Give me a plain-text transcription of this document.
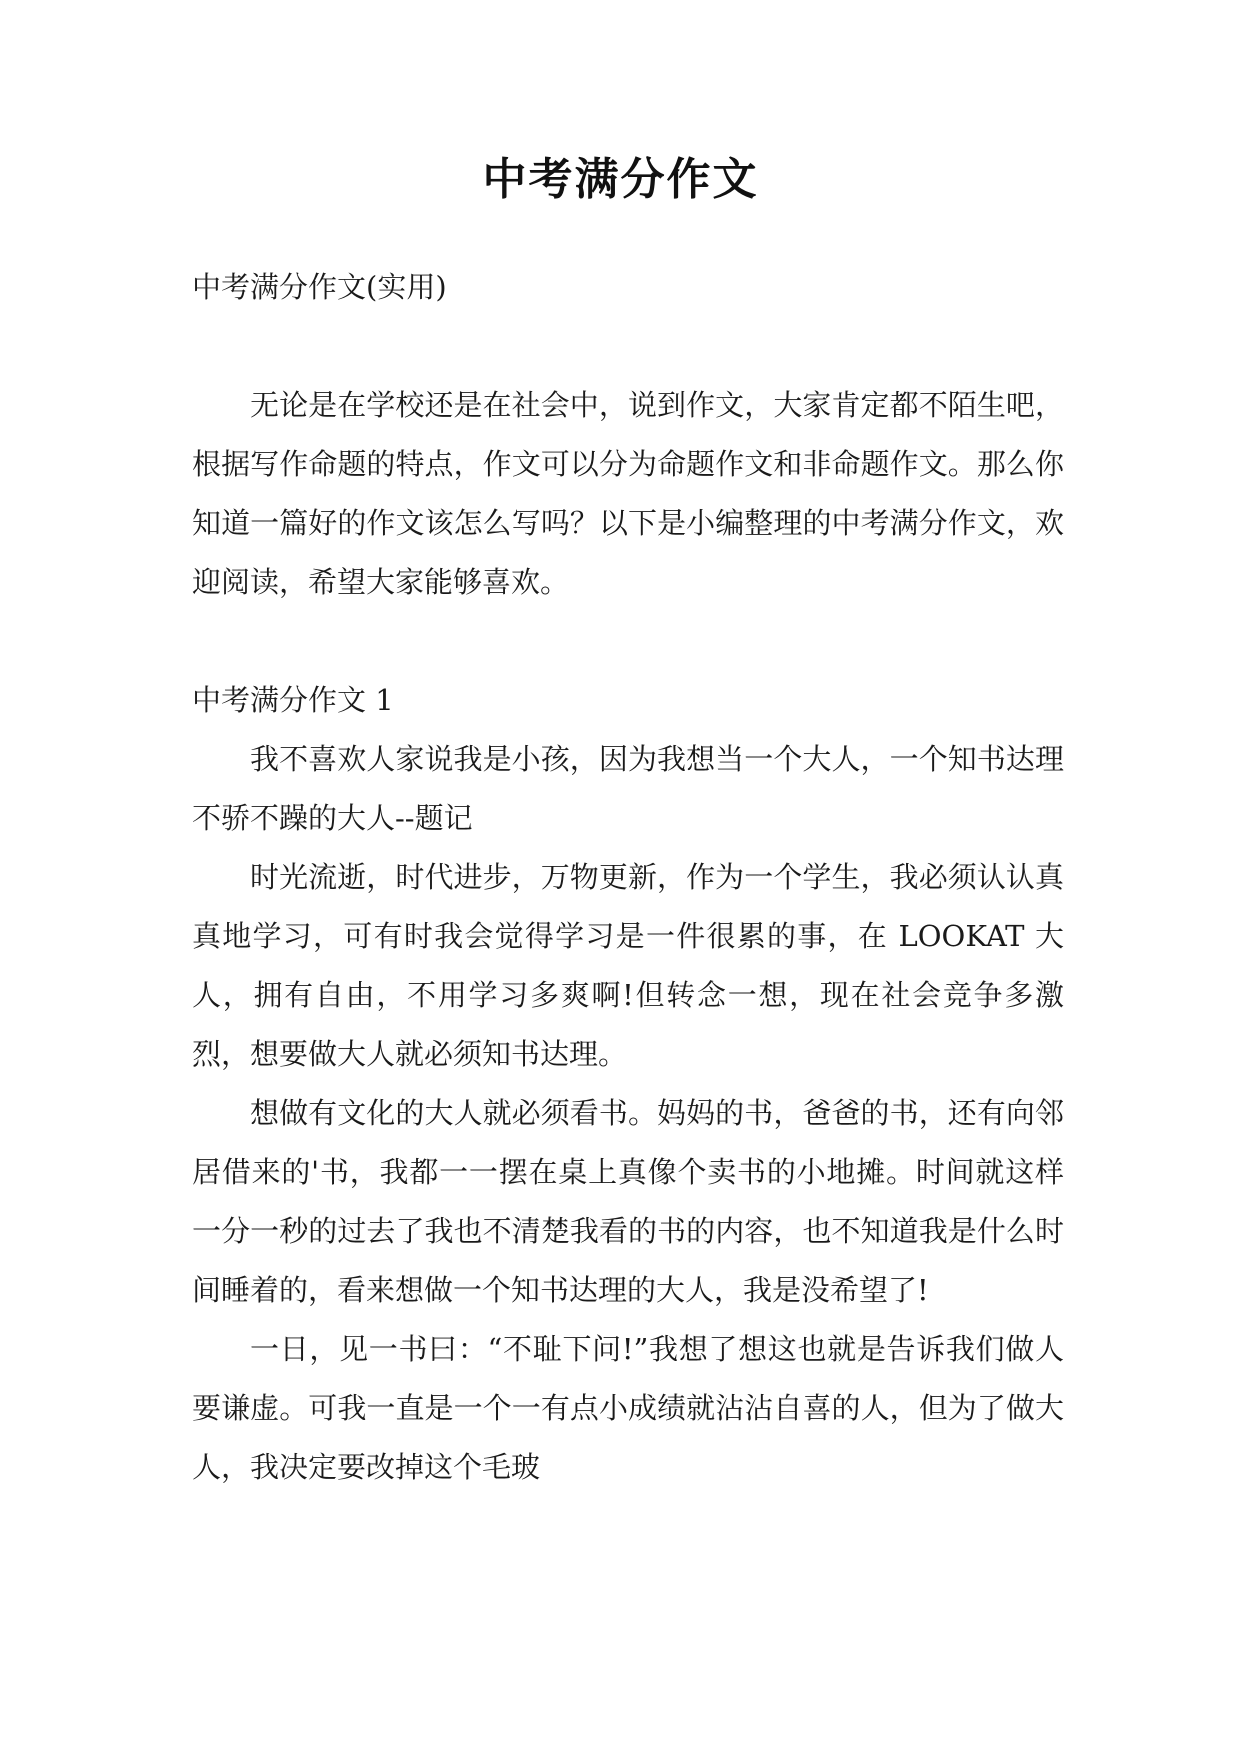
中考满分作文

中考满分作文(实用)

无论是在学校还是在社会中，说到作文，大家肯定都不陌生吧，根据写作命题的特点，作文可以分为命题作文和非命题作文。那么你知道一篇好的作文该怎么写吗？以下是小编整理的中考满分作文，欢迎阅读，希望大家能够喜欢。

中考满分作文 1

我不喜欢人家说我是小孩，因为我想当一个大人，一个知书达理不骄不躁的大人--题记

时光流逝，时代进步，万物更新，作为一个学生，我必须认认真真地学习，可有时我会觉得学习是一件很累的事，在 LOOKAT 大人，拥有自由，不用学习多爽啊!但转念一想，现在社会竞争多激烈，想要做大人就必须知书达理。

想做有文化的大人就必须看书。妈妈的书，爸爸的书，还有向邻居借来的'书，我都一一摆在桌上真像个卖书的小地摊。时间就这样一分一秒的过去了我也不清楚我看的书的内容，也不知道我是什么时间睡着的，看来想做一个知书达理的大人，我是没希望了!

一日，见一书曰：“不耻下问!”我想了想这也就是告诉我们做人要谦虚。可我一直是一个一有点小成绩就沾沾自喜的人，但为了做大人，我决定要改掉这个毛玻
